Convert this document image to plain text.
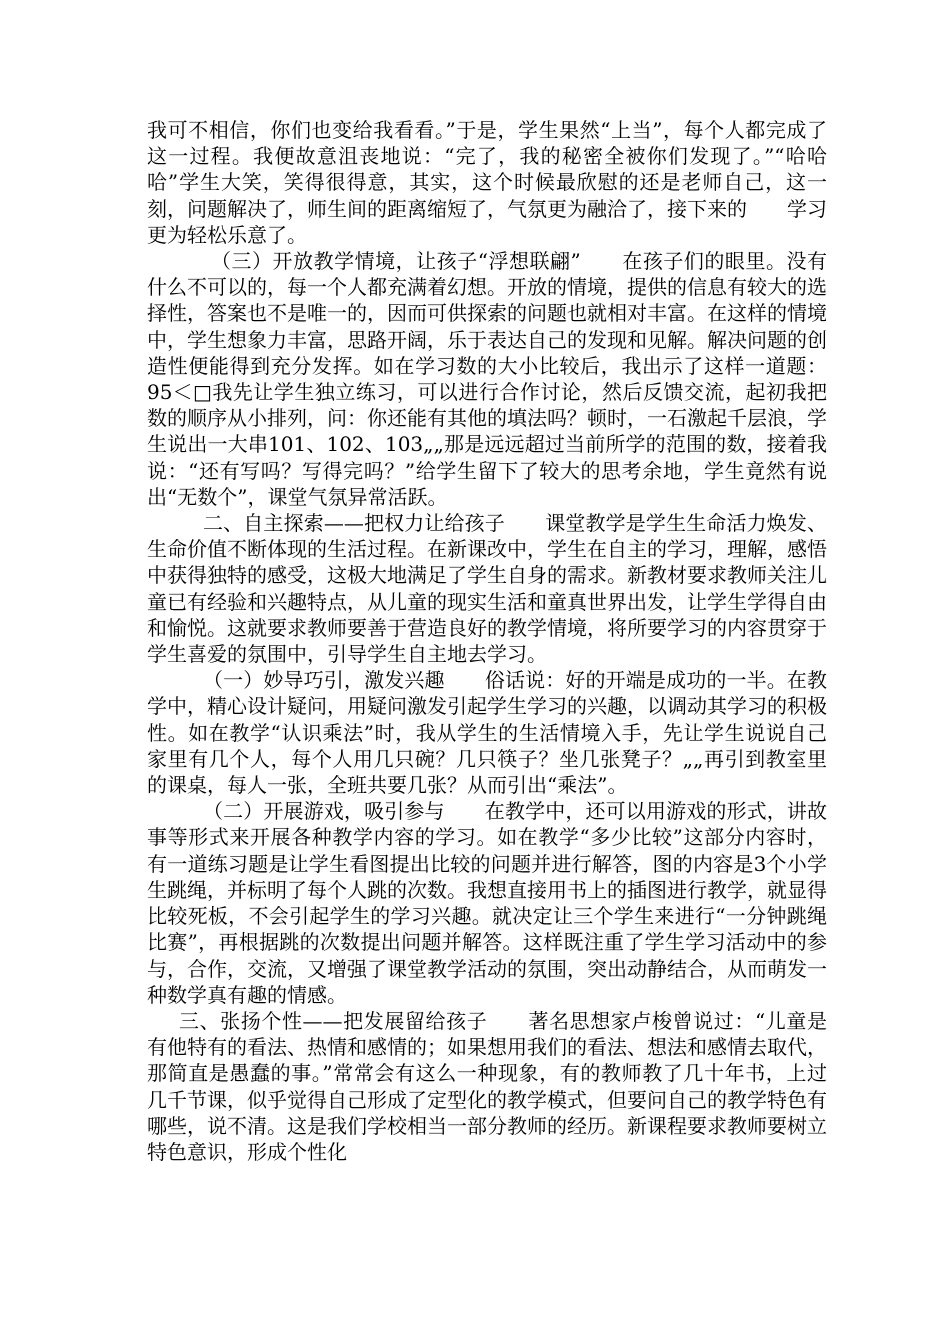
我可不相信，你们也变给我看看。”于是，学生果然“上当”，每个人都完成了这一过程。我便故意沮丧地说：“完了，我的秘密全被你们发现了。”“哈哈哈”学生大笑，笑得很得意，其实，这个时候最欣慰的还是老师自己，这一刻，问题解决了，师生间的距离缩短了，气氛更为融洽了，接下来的　　学习更为轻松乐意了。

（三）开放教学情境，让孩子“浮想联翩”　　在孩子们的眼里。没有什么不可以的，每一个人都充满着幻想。开放的情境，提供的信息有较大的选择性，答案也不是唯一的，因而可供探索的问题也就相对丰富。在这样的情境中，学生想象力丰富，思路开阔，乐于表达自己的发现和见解。解决问题的创造性便能得到充分发挥。如在学习数的大小比较后，我出示了这样一道题： 95＜□我先让学生独立练习，可以进行合作讨论，然后反馈交流，起初我把数的顺序从小排列，问：你还能有其他的填法吗？顿时，一石激起千层浪，学生说出一大串101、102、103„„那是远远超过当前所学的范围的数，接着我说：“还有写吗？写得完吗？”给学生留下了较大的思考余地，学生竟然有说出“无数个”，课堂气氛异常活跃。

二、自主探索——把权力让给孩子　　课堂教学是学生生命活力焕发、生命价值不断体现的生活过程。在新课改中，学生在自主的学习，理解，感悟中获得独特的感受，这极大地满足了学生自身的需求。新教材要求教师关注儿童已有经验和兴趣特点，从儿童的现实生活和童真世界出发，让学生学得自由和愉悦。这就要求教师要善于营造良好的教学情境，将所要学习的内容贯穿于学生喜爱的氛围中，引导学生自主地去学习。

（一）妙导巧引，激发兴趣　　俗话说：好的开端是成功的一半。在教学中，精心设计疑问，用疑问激发引起学生学习的兴趣，以调动其学习的积极性。如在教学“认识乘法”时，我从学生的生活情境入手，先让学生说说自己家里有几个人，每个人用几只碗？几只筷子？坐几张凳子？„„再引到教室里的课桌，每人一张，全班共要几张？从而引出“乘法”。

（二）开展游戏，吸引参与　　在教学中，还可以用游戏的形式，讲故事等形式来开展各种教学内容的学习。如在教学“多少比较”这部分内容时，有一道练习题是让学生看图提出比较的问题并进行解答，图的内容是3个小学生跳绳，并标明了每个人跳的次数。我想直接用书上的插图进行教学，就显得比较死板，不会引起学生的学习兴趣。就决定让三个学生来进行“一分钟跳绳比赛”，再根据跳的次数提出问题并解答。这样既注重了学生学习活动中的参与，合作，交流，又增强了课堂教学活动的氛围，突出动静结合，从而萌发一种数学真有趣的情感。

三、张扬个性——把发展留给孩子　　著名思想家卢梭曾说过：“儿童是有他特有的看法、热情和感情的；如果想用我们的看法、想法和感情去取代，那简直是愚蠢的事。”常常会有这么一种现象，有的教师教了几十年书，上过几千节课，似乎觉得自己形成了定型化的教学模式，但要问自己的教学特色有哪些，说不清。这是我们学校相当一部分教师的经历。新课程要求教师要树立特色意识，形成个性化
